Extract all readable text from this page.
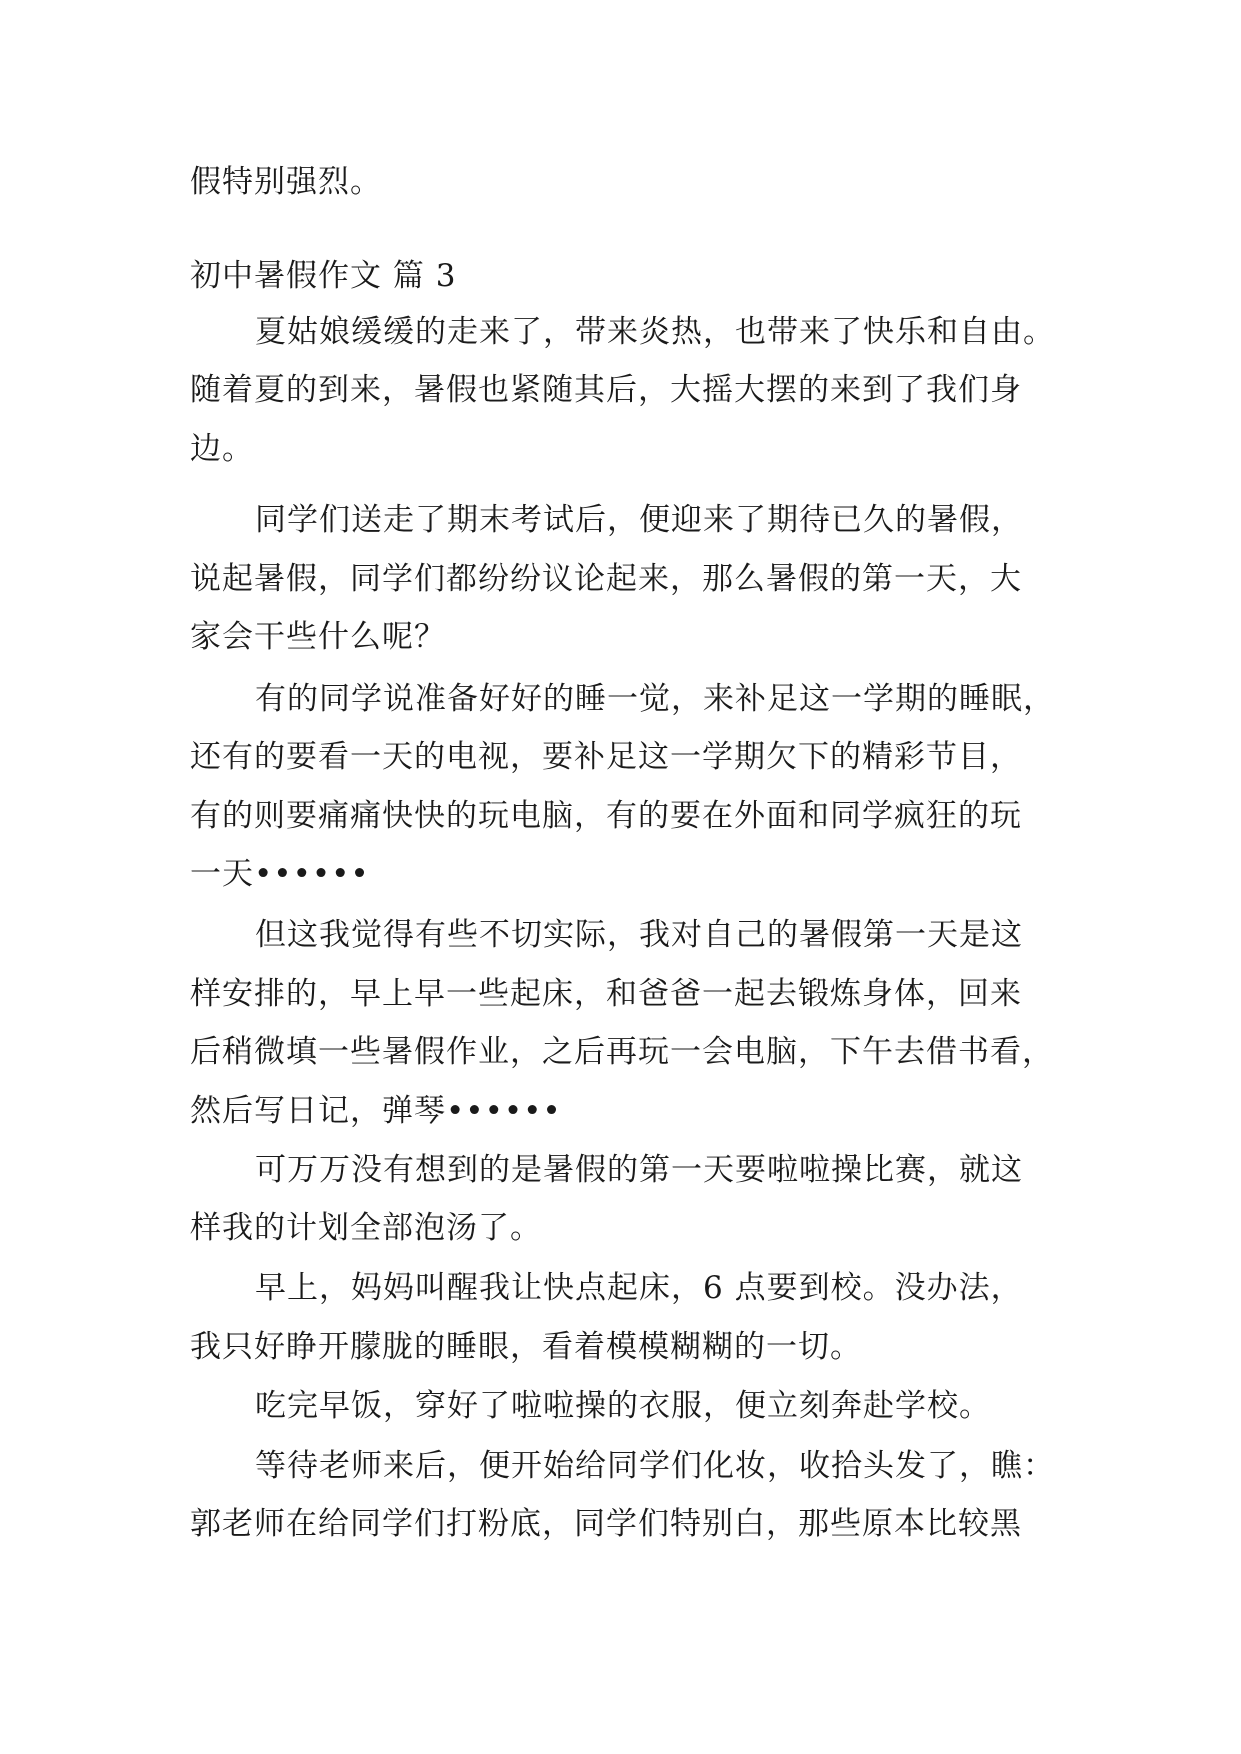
假特别强烈。
初中暑假作文 篇 3
夏姑娘缓缓的走来了，带来炎热，也带来了快乐和自由。
随着夏的到来，暑假也紧随其后，大摇大摆的来到了我们身
边。
同学们送走了期末考试后，便迎来了期待已久的暑假，
说起暑假，同学们都纷纷议论起来，那么暑假的第一天，大
家会干些什么呢？
有的同学说准备好好的睡一觉，来补足这一学期的睡眠，
还有的要看一天的电视，要补足这一学期欠下的精彩节目，
有的则要痛痛快快的玩电脑，有的要在外面和同学疯狂的玩
一天••••••
但这我觉得有些不切实际，我对自己的暑假第一天是这
样安排的，早上早一些起床，和爸爸一起去锻炼身体，回来
后稍微填一些暑假作业，之后再玩一会电脑，下午去借书看，
然后写日记，弹琴••••••
可万万没有想到的是暑假的第一天要啦啦操比赛，就这
样我的计划全部泡汤了。
早上，妈妈叫醒我让快点起床，6 点要到校。没办法，
我只好睁开朦胧的睡眼，看着模模糊糊的一切。
吃完早饭，穿好了啦啦操的衣服，便立刻奔赴学校。
等待老师来后，便开始给同学们化妆，收拾头发了，瞧：
郭老师在给同学们打粉底，同学们特别白，那些原本比较黑
